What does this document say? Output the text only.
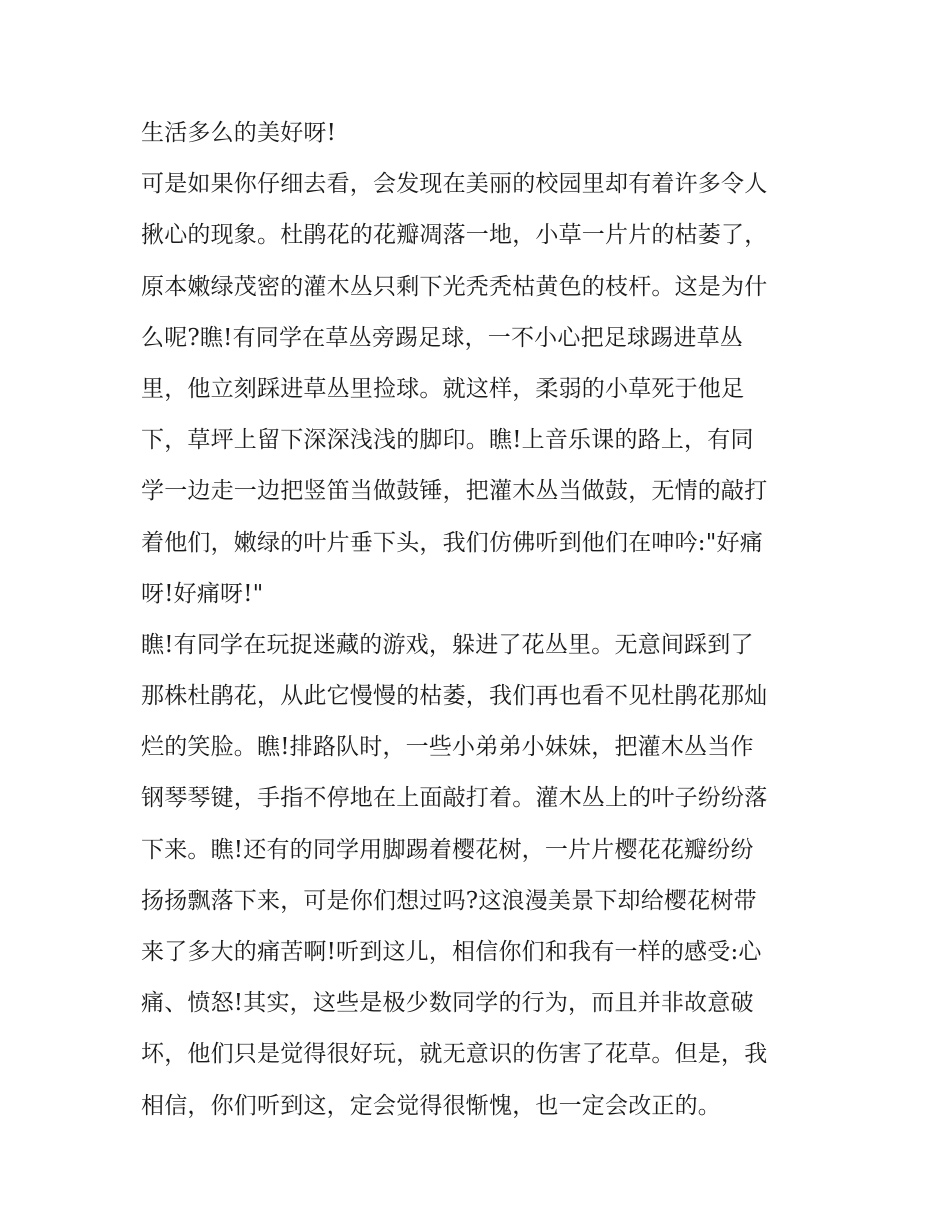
生活多么的美好呀!
可是如果你仔细去看，会发现在美丽的校园里却有着许多令人
揪心的现象。杜鹃花的花瓣凋落一地，小草一片片的枯萎了，
原本嫩绿茂密的灌木丛只剩下光秃秃枯黄色的枝杆。这是为什
么呢?瞧!有同学在草丛旁踢足球，一不小心把足球踢进草丛
里，他立刻踩进草丛里捡球。就这样，柔弱的小草死于他足
下，草坪上留下深深浅浅的脚印。瞧!上音乐课的路上，有同
学一边走一边把竖笛当做鼓锤，把灌木丛当做鼓，无情的敲打
着他们，嫩绿的叶片垂下头，我们仿佛听到他们在呻吟:"好痛
呀!好痛呀!"
瞧!有同学在玩捉迷藏的游戏，躲进了花丛里。无意间踩到了
那株杜鹃花，从此它慢慢的枯萎，我们再也看不见杜鹃花那灿
烂的笑脸。瞧!排路队时，一些小弟弟小妹妹，把灌木丛当作
钢琴琴键，手指不停地在上面敲打着。灌木丛上的叶子纷纷落
下来。瞧!还有的同学用脚踢着樱花树，一片片樱花花瓣纷纷
扬扬飘落下来，可是你们想过吗?这浪漫美景下却给樱花树带
来了多大的痛苦啊!听到这儿，相信你们和我有一样的感受:心
痛、愤怒!其实，这些是极少数同学的行为，而且并非故意破
坏，他们只是觉得很好玩，就无意识的伤害了花草。但是，我
相信，你们听到这，定会觉得很惭愧，也一定会改正的。
